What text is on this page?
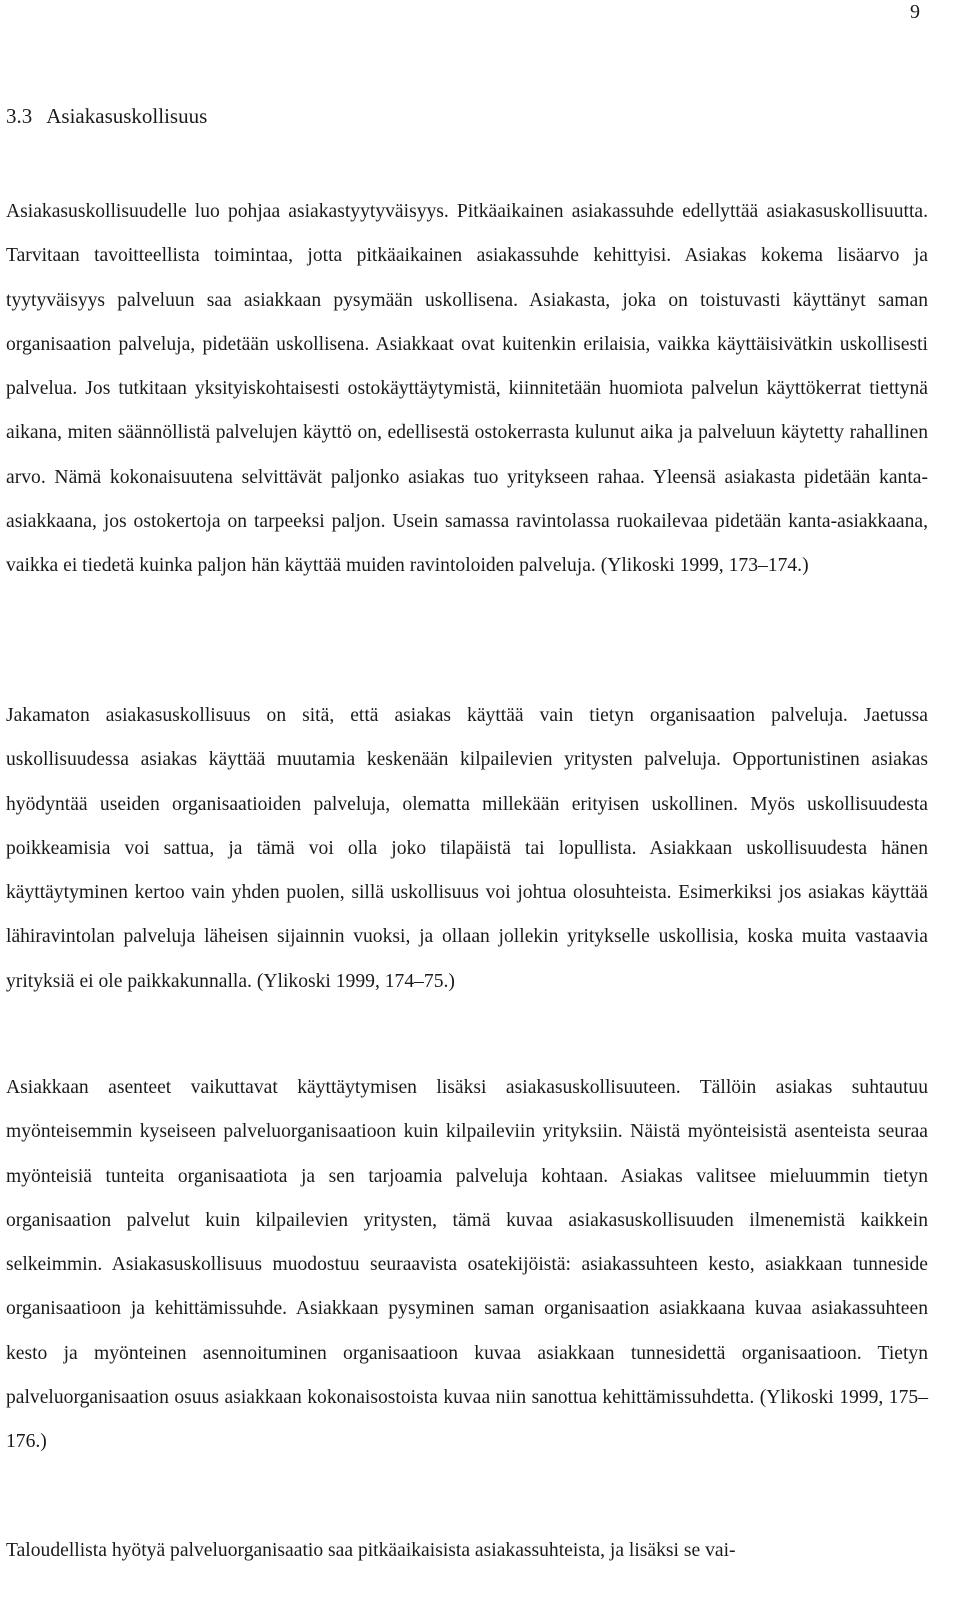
9
3.3 Asiakasuskollisuus

Asiakasuskollisuudelle luo pohjaa asiakastyytyväisyys. Pitkäaikainen asiakassuhde edellyttää asiakasuskollisuutta. Tarvitaan tavoitteellista toimintaa, jotta pitkäaikainen asiakassuhde kehittyisi. Asiakas kokema lisäarvo ja tyytyväisyys palveluun saa asiakkaan pysymään uskollisena. Asiakasta, joka on toistuvasti käyttänyt saman organisaation palveluja, pidetään uskollisena. Asiakkaat ovat kuitenkin erilaisia, vaikka käyttäisivätkin uskollisesti palvelua. Jos tutkitaan yksityiskohtaisesti ostokäyttäytymistä, kiinnitetään huomiota palvelun käyttökerrat tiettynä aikana, miten säännöllistä palvelujen käyttö on, edellisestä ostokerrasta kulunut aika ja palveluun käytetty rahallinen arvo. Nämä kokonaisuutena selvittävät paljonko asiakas tuo yritykseen rahaa. Yleensä asiakasta pidetään kanta-asiakkaana, jos ostokertoja on tarpeeksi paljon. Usein samassa ravintolassa ruokailevaa pidetään kanta-asiakkaana, vaikka ei tiedetä kuinka paljon hän käyttää muiden ravintoloiden palveluja. (Ylikoski 1999, 173–174.)

Jakamaton asiakasuskollisuus on sitä, että asiakas käyttää vain tietyn organisaation palveluja. Jaetussa uskollisuudessa asiakas käyttää muutamia keskenään kilpailevien yritysten palveluja. Opportunistinen asiakas hyödyntää useiden organisaatioiden palveluja, olematta millekään erityisen uskollinen. Myös uskollisuudesta poikkeamisia voi sattua, ja tämä voi olla joko tilapäistä tai lopullista. Asiakkaan uskollisuudesta hänen käyttäytyminen kertoo vain yhden puolen, sillä uskollisuus voi johtua olosuhteista. Esimerkiksi jos asiakas käyttää lähiravintolan palveluja läheisen sijainnin vuoksi, ja ollaan jollekin yritykselle uskollisia, koska muita vastaavia yrityksiä ei ole paikkakunnalla. (Ylikoski 1999, 174–75.)

Asiakkaan asenteet vaikuttavat käyttäytymisen lisäksi asiakasuskollisuuteen. Tällöin asiakas suhtautuu myönteisemmin kyseiseen palveluorganisaatioon kuin kilpaileviin yrityksiin. Näistä myönteisistä asenteista seuraa myönteisiä tunteita organisaatiota ja sen tarjoamia palveluja kohtaan. Asiakas valitsee mieluummin tietyn organisaation palvelut kuin kilpailevien yritysten, tämä kuvaa asiakasuskollisuuden ilmenemistä kaikkein selkeimmin. Asiakasuskollisuus muodostuu seuraavista osatekijöistä: asiakassuhteen kesto, asiakkaan tunneside organisaatioon ja kehittämissuhde. Asiakkaan pysyminen saman organisaation asiakkaana kuvaa asiakassuhteen kesto ja myönteinen asennoituminen organisaatioon kuvaa asiakkaan tunnesidettä organisaatioon. Tietyn palveluorganisaation osuus asiakkaan kokonaisostoista kuvaa niin sanottua kehittämissuhdetta. (Ylikoski 1999, 175–176.)

Taloudellista hyötyä palveluorganisaatio saa pitkäaikaisista asiakassuhteista, ja lisäksi se vai-
